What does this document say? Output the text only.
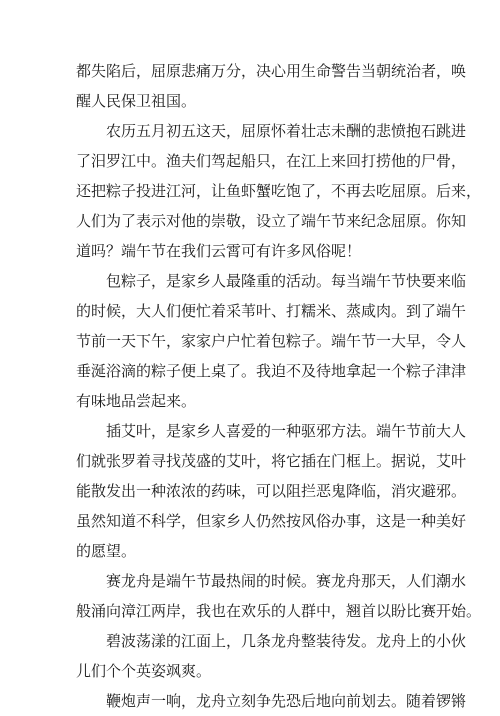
都失陷后，屈原悲痛万分，决心用生命警告当朝统治者，唤
醒人民保卫祖国。

农历五月初五这天，屈原怀着壮志未酬的悲愤抱石跳进
了汨罗江中。渔夫们驾起船只，在江上来回打捞他的尸骨，
还把粽子投进江河，让鱼虾蟹吃饱了，不再去吃屈原。后来，
人们为了表示对他的崇敬，设立了端午节来纪念屈原。你知
道吗？端午节在我们云霄可有许多风俗呢！

包粽子，是家乡人最隆重的活动。每当端午节快要来临
的时候，大人们便忙着采苇叶、打糯米、蒸咸肉。到了端午
节前一天下午，家家户户忙着包粽子。端午节一大早，令人
垂涎浴滴的粽子便上桌了。我迫不及待地拿起一个粽子津津
有味地品尝起来。

插艾叶，是家乡人喜爱的一种驱邪方法。端午节前大人
们就张罗着寻找茂盛的艾叶，将它插在门框上。据说，艾叶
能散发出一种浓浓的药味，可以阻拦恶鬼降临，消灾避邪。
虽然知道不科学，但家乡人仍然按风俗办事，这是一种美好
的愿望。

赛龙舟是端午节最热闹的时候。赛龙舟那天，人们潮水
般涌向漳江两岸，我也在欢乐的人群中，翘首以盼比赛开始。

碧波荡漾的江面上，几条龙舟整装待发。龙舟上的小伙
儿们个个英姿飒爽。

鞭炮声一响，龙舟立刻争先恐后地向前划去。随着锣锵
